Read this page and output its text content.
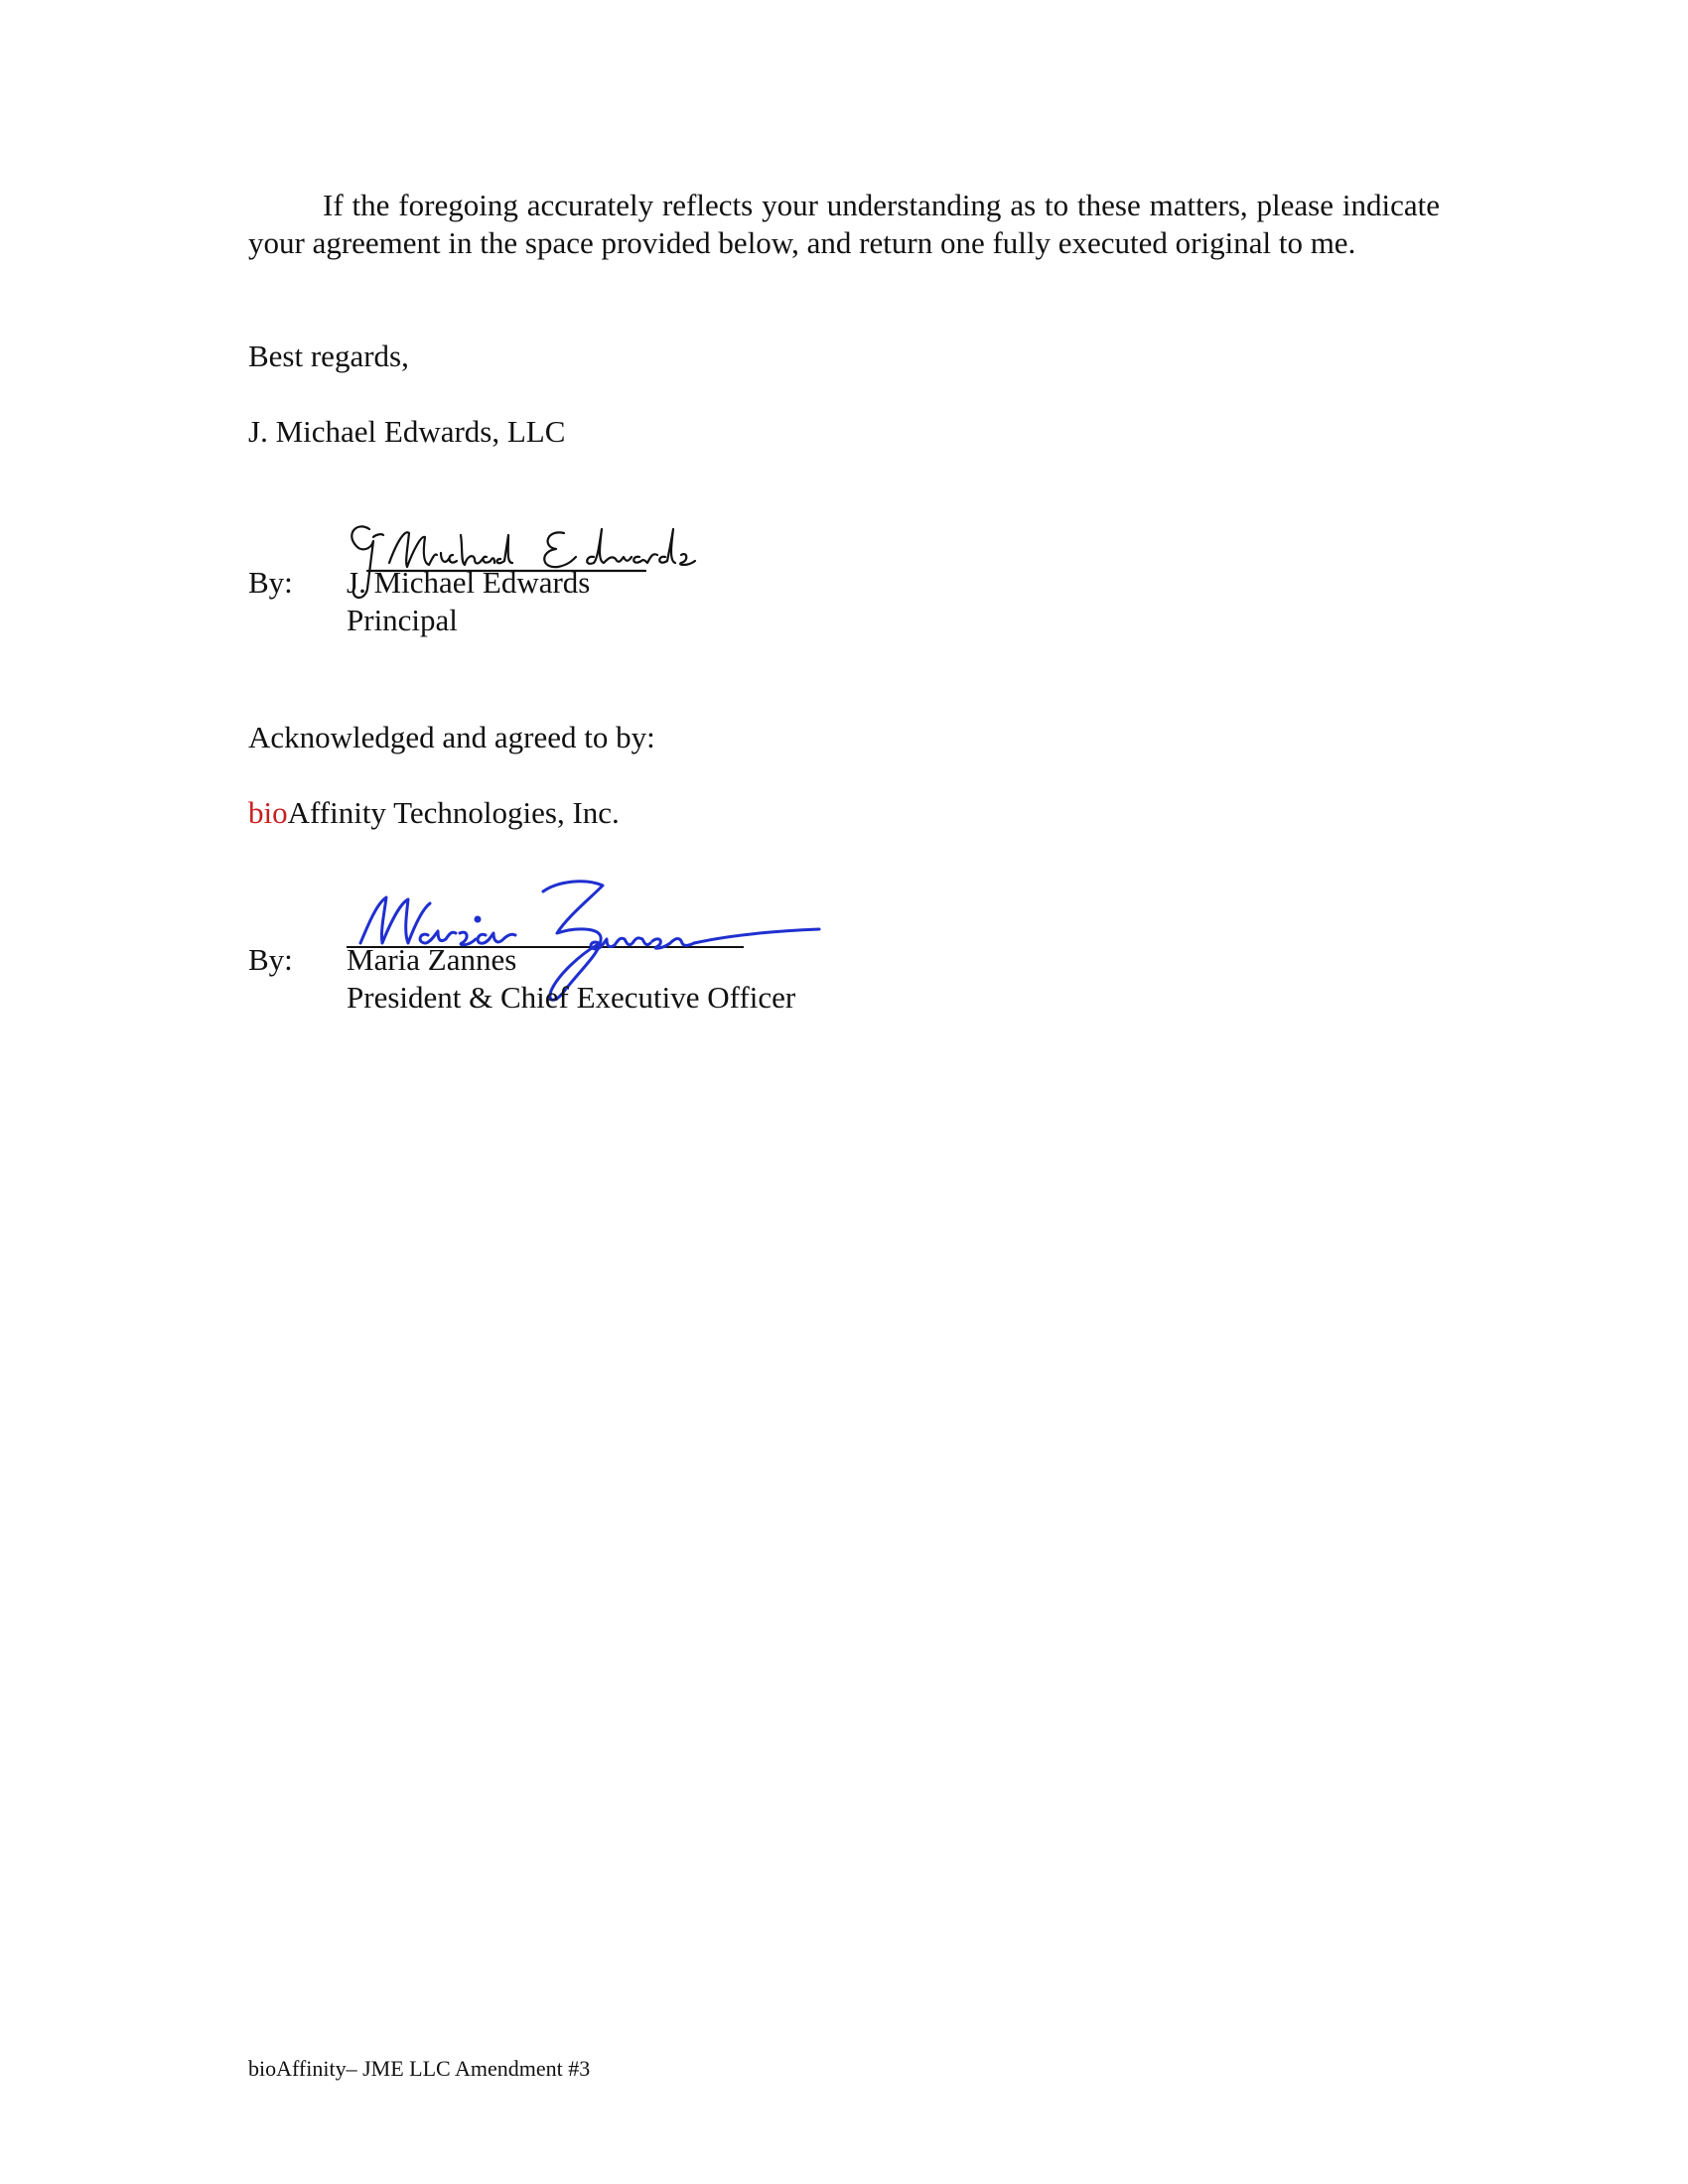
If the foregoing accurately reflects your understanding as to these matters, please indicate your agreement in the space provided below, and return one fully executed original to me.

Best regards,

J. Michael Edwards, LLC

By: J. Michael Edwards
Principal

Acknowledged and agreed to by:

bioAffinity Technologies, Inc.

By: Maria Zannes
President & Chief Executive Officer
bioAffinity– JME LLC Amendment #3
